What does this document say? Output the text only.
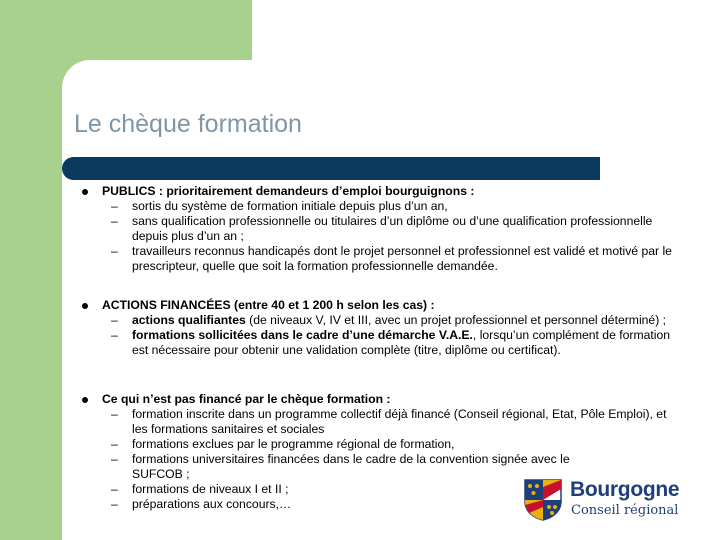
Le chèque formation
PUBLICS : prioritairement demandeurs d’emploi bourguignons :
– sortis du système de formation initiale depuis plus d’un an,
– sans qualification professionnelle ou titulaires d’un diplôme ou d’une qualification professionnelle depuis plus d’un an ;
– travailleurs reconnus handicapés dont le projet personnel et professionnel est validé et motivé par le prescripteur, quelle que soit la formation professionnelle demandée.
ACTIONS FINANCÉES (entre 40 et 1 200 h selon les cas) :
– actions qualifiantes (de niveaux V, IV et III, avec un projet professionnel et personnel déterminé) ;
– formations sollicitées dans le cadre d’une démarche V.A.E., lorsqu’un complément de formation est nécessaire pour obtenir une validation complète (titre, diplôme ou certificat).
Ce qui n’est pas financé par le chèque formation :
– formation inscrite dans un programme collectif déjà financé (Conseil régional, Etat, Pôle Emploi), et les formations sanitaires et sociales
– formations exclues par le programme régional de formation,
– formations universitaires financées dans le cadre de la convention signée avec le SUFCOB ;
– formations de niveaux I et II ;
– préparations aux concours,…
Bourgogne
Conseil régional
